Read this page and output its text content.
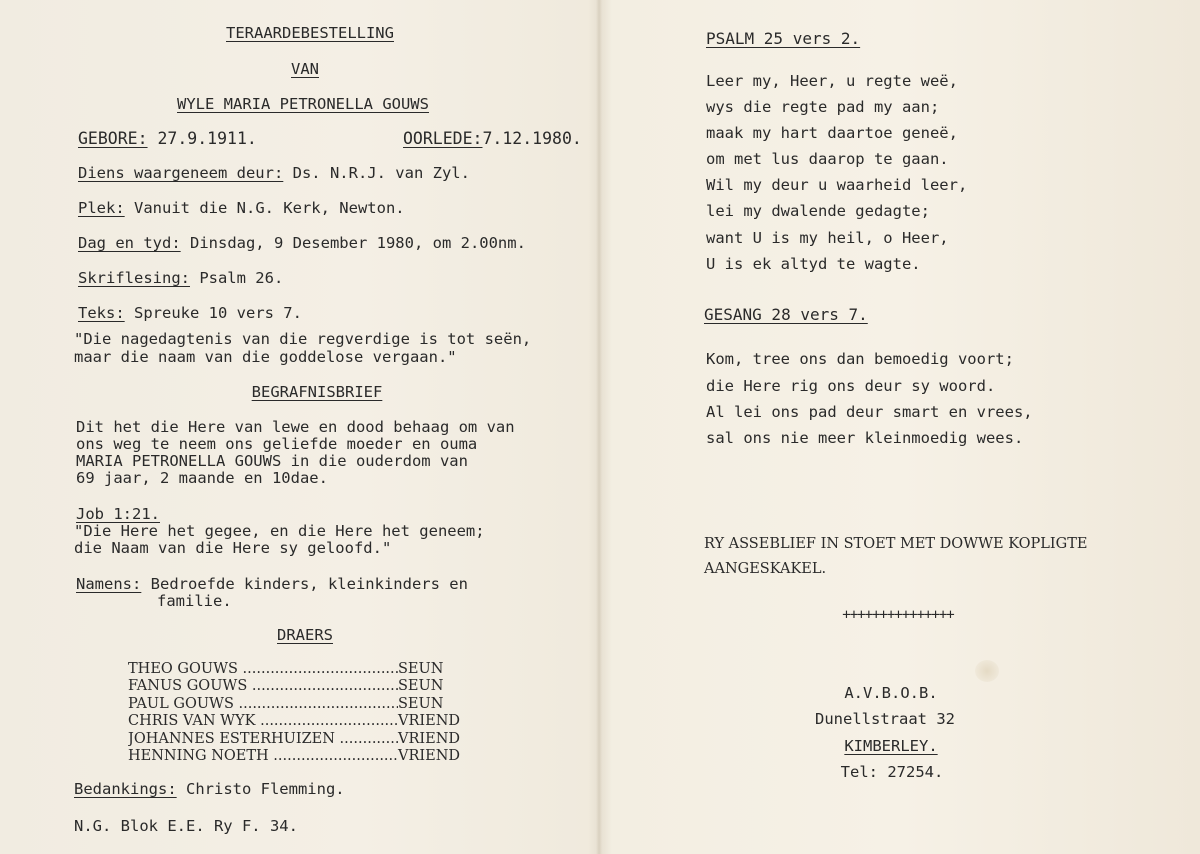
TERAARDEBESTELLING
VAN
WYLE MARIA PETRONELLA GOUWS
GEBORE: 27.9.1911.	OORLEDE:7.12.1980.
Diens waargeneem deur: Ds. N.R.J. van Zyl.
Plek: Vanuit die N.G. Kerk, Newton.
Dag en tyd: Dinsdag, 9 Desember 1980, om 2.00nm.
Skriflesing: Psalm 26.
Teks: Spreuke 10 vers 7.
"Die nagedagtenis van die regverdige is tot seën,
maar die naam van die goddelose vergaan."
BEGRAFNISBRIEF
Dit het die Here van lewe en dood behaag om van
ons weg te neem ons geliefde moeder en ouma
MARIA PETRONELLA GOUWS in die ouderdom van
69 jaar, 2 maande en 10dae.
Job 1:21.
"Die Here het gegee, en die Here het geneem;
die Naam van die Here sy geloofd."
Namens: Bedroefde kinders, kleinkinders en
familie.
DRAERS
THEO GOUWS .....	SEUN
FANUS GOUWS .....	SEUN
PAUL GOUWS .....	SEUN
CHRIS VAN WYK .....	VRIEND
JOHANNES ESTERHUIZEN .....	VRIEND
HENNING NOETH .....	VRIEND
Bedankings: Christo Flemming.
N.G. Blok E.E. Ry F. 34.
PSALM 25 vers 2.
Leer my, Heer, u regte weë,
wys die regte pad my aan;
maak my hart daartoe geneë,
om met lus daarop te gaan.
Wil my deur u waarheid leer,
lei my dwalende gedagte;
want U is my heil, o Heer,
U is ek altyd te wagte.
GESANG 28 vers 7.
Kom, tree ons dan bemoedig voort;
die Here rig ons deur sy woord.
Al lei ons pad deur smart en vrees,
sal ons nie meer kleinmoedig wees.
RY ASSEBLIEF IN STOET MET DOWWE KOPLIGTE
AANGESKAKEL.
+++++++++++++++
A.V.B.O.B.
Dunellstraat 32
KIMBERLEY.
Tel: 27254.
